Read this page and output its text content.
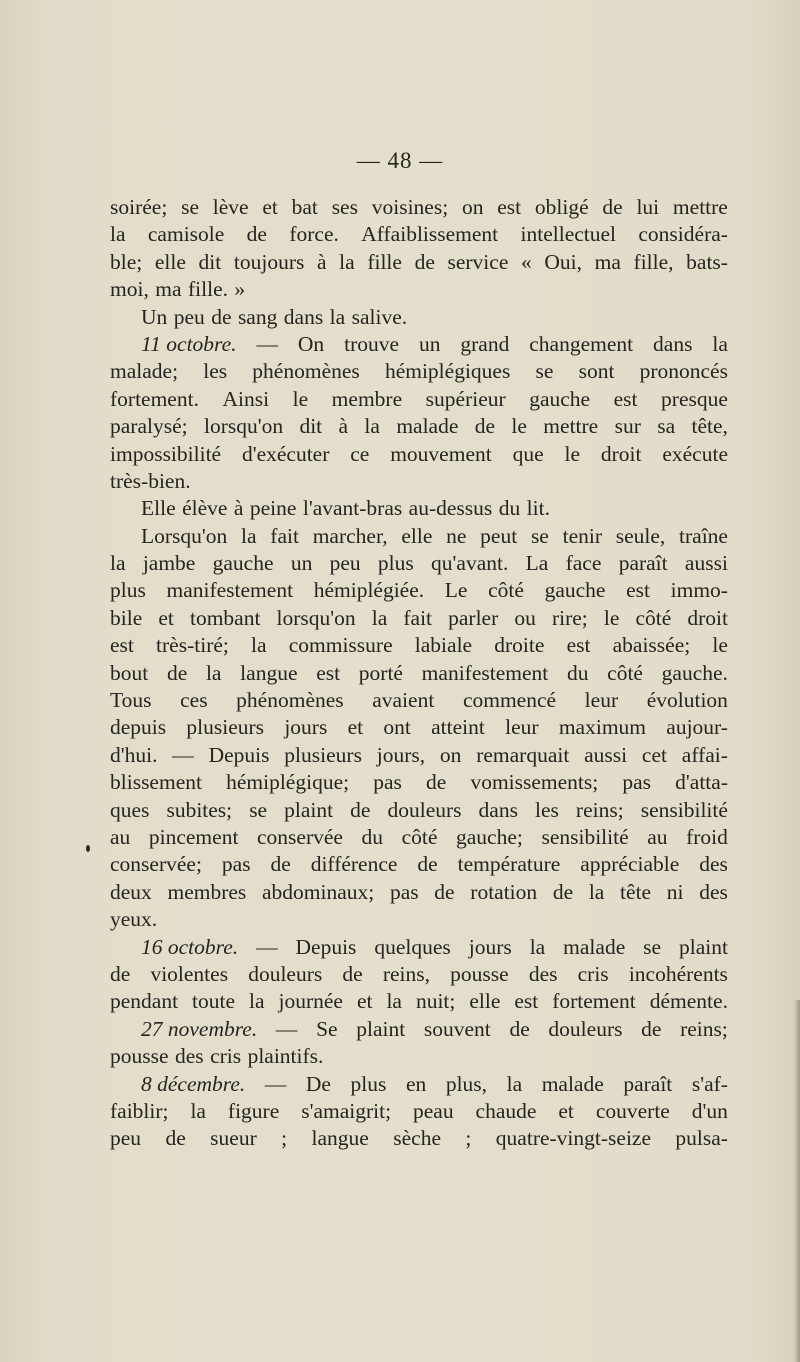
— 48 —
soirée; se lève et bat ses voisines; on est obligé de lui mettre
la camisole de force. Affaiblissement intellectuel considéra-
ble; elle dit toujours à la fille de service « Oui, ma fille, bats-
moi, ma fille. »
Un peu de sang dans la salive.
11 octobre. — On trouve un grand changement dans la
malade; les phénomènes hémiplégiques se sont prononcés
fortement. Ainsi le membre supérieur gauche est presque
paralysé; lorsqu'on dit à la malade de le mettre sur sa tête,
impossibilité d'exécuter ce mouvement que le droit exécute
très-bien.
Elle élève à peine l'avant-bras au-dessus du lit.
Lorsqu'on la fait marcher, elle ne peut se tenir seule, traîne
la jambe gauche un peu plus qu'avant. La face paraît aussi
plus manifestement hémiplégiée. Le côté gauche est immo-
bile et tombant lorsqu'on la fait parler ou rire; le côté droit
est très-tiré; la commissure labiale droite est abaissée; le
bout de la langue est porté manifestement du côté gauche.
Tous ces phénomènes avaient commencé leur évolution
depuis plusieurs jours et ont atteint leur maximum aujour-
d'hui. — Depuis plusieurs jours, on remarquait aussi cet affai-
blissement hémiplégique; pas de vomissements; pas d'atta-
ques subites; se plaint de douleurs dans les reins; sensibilité
au pincement conservée du côté gauche; sensibilité au froid
conservée; pas de différence de température appréciable des
deux membres abdominaux; pas de rotation de la tête ni des
yeux.
16 octobre. — Depuis quelques jours la malade se plaint
de violentes douleurs de reins, pousse des cris incohérents
pendant toute la journée et la nuit; elle est fortement démente.
27 novembre. — Se plaint souvent de douleurs de reins;
pousse des cris plaintifs.
8 décembre. — De plus en plus, la malade paraît s'af-
faiblir; la figure s'amaigrit; peau chaude et couverte d'un
peu de sueur ; langue sèche ; quatre-vingt-seize pulsa-
